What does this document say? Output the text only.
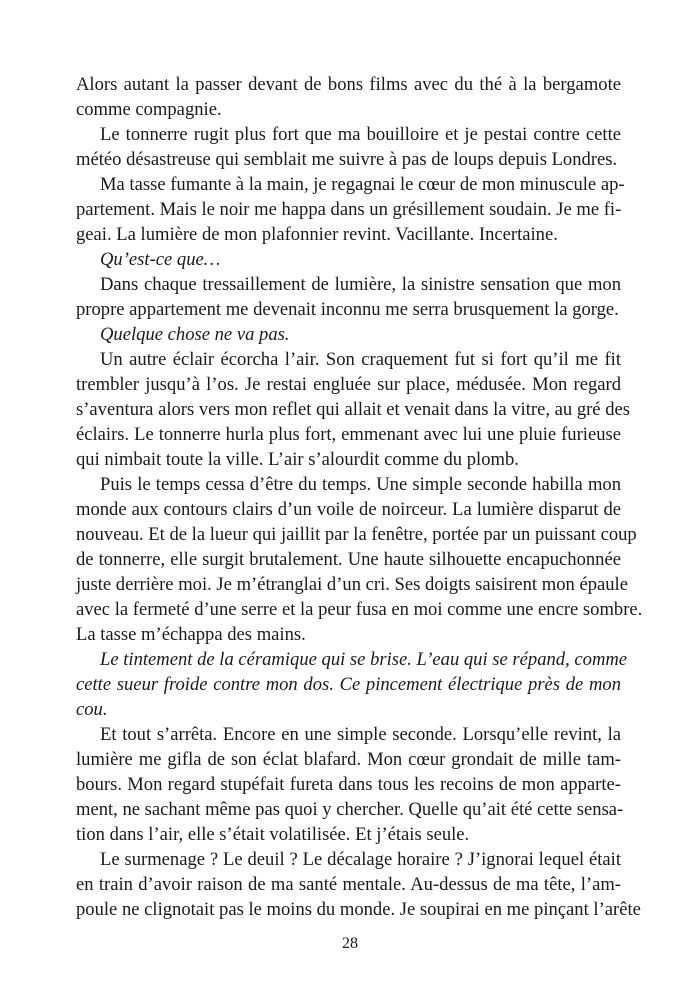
Alors autant la passer devant de bons films avec du thé à la bergamote
comme compagnie.
Le tonnerre rugit plus fort que ma bouilloire et je pestai contre cette
météo désastreuse qui semblait me suivre à pas de loups depuis Londres.
Ma tasse fumante à la main, je regagnai le cœur de mon minuscule ap-
partement. Mais le noir me happa dans un grésillement soudain. Je me fi-
geai. La lumière de mon plafonnier revint. Vacillante. Incertaine.
Qu’est-ce que…
Dans chaque tressaillement de lumière, la sinistre sensation que mon
propre appartement me devenait inconnu me serra brusquement la gorge.
Quelque chose ne va pas.
Un autre éclair écorcha l’air. Son craquement fut si fort qu’il me fit
trembler jusqu’à l’os. Je restai engluée sur place, médusée. Mon regard
s’aventura alors vers mon reflet qui allait et venait dans la vitre, au gré des
éclairs. Le tonnerre hurla plus fort, emmenant avec lui une pluie furieuse
qui nimbait toute la ville. L’air s’alourdit comme du plomb.
Puis le temps cessa d’être du temps. Une simple seconde habilla mon
monde aux contours clairs d’un voile de noirceur. La lumière disparut de
nouveau. Et de la lueur qui jaillit par la fenêtre, portée par un puissant coup
de tonnerre, elle surgit brutalement. Une haute silhouette encapuchonnée
juste derrière moi. Je m’étranglai d’un cri. Ses doigts saisirent mon épaule
avec la fermeté d’une serre et la peur fusa en moi comme une encre sombre.
La tasse m’échappa des mains.
Le tintement de la céramique qui se brise. L’eau qui se répand, comme
cette sueur froide contre mon dos. Ce pincement électrique près de mon
cou.
Et tout s’arrêta. Encore en une simple seconde. Lorsqu’elle revint, la
lumière me gifla de son éclat blafard. Mon cœur grondait de mille tam-
bours. Mon regard stupéfait fureta dans tous les recoins de mon apparte-
ment, ne sachant même pas quoi y chercher. Quelle qu’ait été cette sensa-
tion dans l’air, elle s’était volatilisée. Et j’étais seule.
Le surmenage ? Le deuil ? Le décalage horaire ? J’ignorai lequel était
en train d’avoir raison de ma santé mentale. Au-dessus de ma tête, l’am-
poule ne clignotait pas le moins du monde. Je soupirai en me pinçant l’arête
28
